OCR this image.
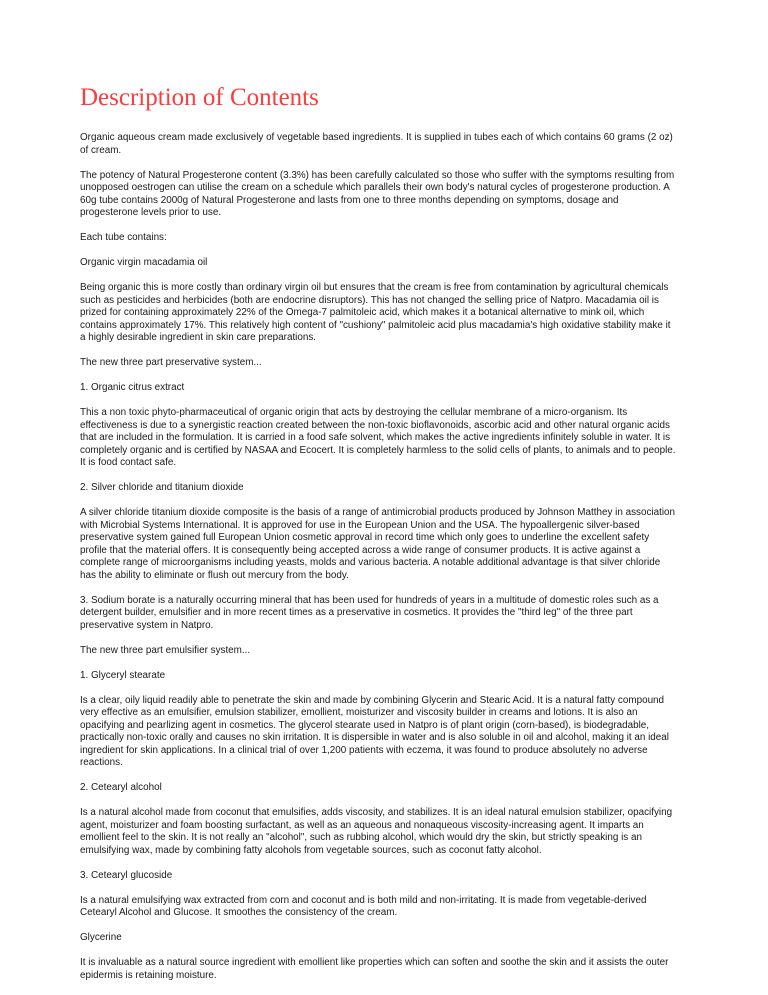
Description of Contents

Organic aqueous cream made exclusively of vegetable based ingredients. It is supplied in tubes each of which contains 60 grams (2 oz) of cream.

The potency of Natural Progesterone content (3.3%) has been carefully calculated so those who suffer with the symptoms resulting from unopposed oestrogen can utilise the cream on a schedule which parallels their own body's natural cycles of progesterone production. A 60g tube contains 2000g of Natural Progesterone and lasts from one to three months depending on symptoms, dosage and progesterone levels prior to use.

Each tube contains:

Organic virgin macadamia oil

Being organic this is more costly than ordinary virgin oil but ensures that the cream is free from contamination by agricultural chemicals such as pesticides and herbicides (both are endocrine disruptors). This has not changed the selling price of Natpro. Macadamia oil is prized for containing approximately 22% of the Omega-7 palmitoleic acid, which makes it a botanical alternative to mink oil, which contains approximately 17%. This relatively high content of "cushiony" palmitoleic acid plus macadamia's high oxidative stability make it a highly desirable ingredient in skin care preparations.

The new three part preservative system...

1. Organic citrus extract

This a non toxic phyto-pharmaceutical of organic origin that acts by destroying the cellular membrane of a micro-organism. Its effectiveness is due to a synergistic reaction created between the non-toxic bioflavonoids, ascorbic acid and other natural organic acids that are included in the formulation. It is carried in a food safe solvent, which makes the active ingredients infinitely soluble in water. It is completely organic and is certified by NASAA and Ecocert. It is completely harmless to the solid cells of plants, to animals and to people. It is food contact safe.

2. Silver chloride and titanium dioxide

A silver chloride titanium dioxide composite is the basis of a range of antimicrobial products produced by Johnson Matthey in association with Microbial Systems International. It is approved for use in the European Union and the USA. The hypoallergenic silver-based preservative system gained full European Union cosmetic approval in record time which only goes to underline the excellent safety profile that the material offers. It is consequently being accepted across a wide range of consumer products. It is active against a complete range of microorganisms including yeasts, molds and various bacteria. A notable additional advantage is that silver chloride has the ability to eliminate or flush out mercury from the body.

3. Sodium borate is a naturally occurring mineral that has been used for hundreds of years in a multitude of domestic roles such as a detergent builder, emulsifier and in more recent times as a preservative in cosmetics. It provides the "third leg" of the three part preservative system in Natpro.

The new three part emulsifier system...

1. Glyceryl stearate

Is a clear, oily liquid readily able to penetrate the skin and made by combining Glycerin and Stearic Acid. It is a natural fatty compound very effective as an emulsifier, emulsion stabilizer, emollient, moisturizer and viscosity builder in creams and lotions. It is also an opacifying and pearlizing agent in cosmetics. The glycerol stearate used in Natpro is of plant origin (corn-based), is biodegradable, practically non-toxic orally and causes no skin irritation. It is dispersible in water and is also soluble in oil and alcohol, making it an ideal ingredient for skin applications. In a clinical trial of over 1,200 patients with eczema, it was found to produce absolutely no adverse reactions.

2. Cetearyl alcohol

Is a natural alcohol made from coconut that emulsifies, adds viscosity, and stabilizes. It is an ideal natural emulsion stabilizer, opacifying agent, moisturizer and foam boosting surfactant, as well as an aqueous and nonaqueous viscosity-increasing agent. It imparts an emollient feel to the skin. It is not really an "alcohol", such as rubbing alcohol, which would dry the skin, but strictly speaking is an emulsifying wax, made by combining fatty alcohols from vegetable sources, such as coconut fatty alcohol.

3. Cetearyl glucoside

Is a natural emulsifying wax extracted from corn and coconut and is both mild and non-irritating. It is made from vegetable-derived Cetearyl Alcohol and Glucose. It smoothes the consistency of the cream.

Glycerine

It is invaluable as a natural source ingredient with emollient like properties which can soften and soothe the skin and it assists the outer epidermis is retaining moisture.
